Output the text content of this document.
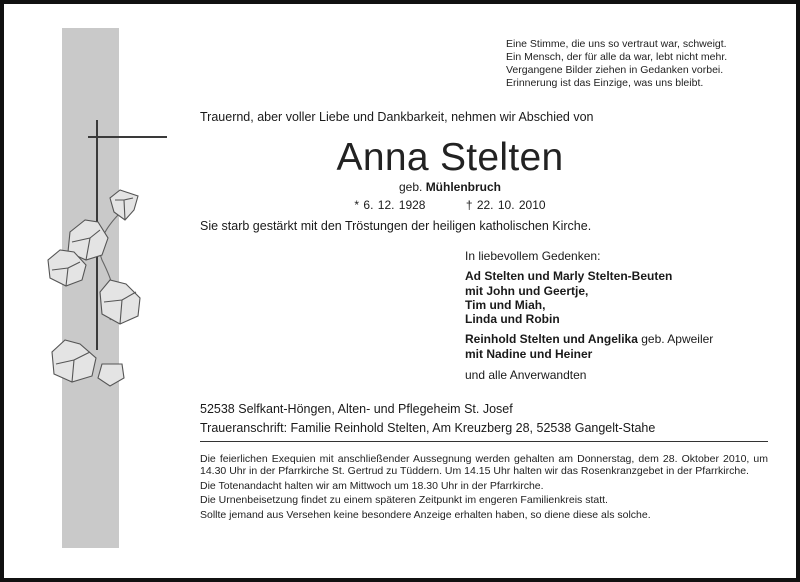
Eine Stimme, die uns so vertraut war, schweigt.
Ein Mensch, der für alle da war, lebt nicht mehr.
Vergangene Bilder ziehen in Gedanken vorbei.
Erinnerung ist das Einzige, was uns bleibt.
Trauernd, aber voller Liebe und Dankbarkeit, nehmen wir Abschied von
Anna Stelten
geb. Mühlenbruch
* 6. 12. 1928	† 22. 10. 2010
Sie starb gestärkt mit den Tröstungen der heiligen katholischen Kirche.
In liebevollem Gedenken:
Ad Stelten und Marly Stelten-Beuten
mit John und Geertje,
Tim und Miah,
Linda und Robin
Reinhold Stelten und Angelika geb. Apweiler
mit Nadine und Heiner
und alle Anverwandten
52538 Selfkant-Höngen, Alten- und Pflegeheim St. Josef
Traueranschrift: Familie Reinhold Stelten, Am Kreuzberg 28, 52538 Gangelt-Stahe

Die feierlichen Exequien mit anschließender Aussegnung werden gehalten am Donnerstag, dem 28. Oktober 2010, um 14.30 Uhr in der Pfarrkirche St. Gertrud zu Tüddern. Um 14.15 Uhr halten wir das Rosenkranzgebet in der Pfarrkirche.

Die Totenandacht halten wir am Mittwoch um 18.30 Uhr in der Pfarrkirche.

Die Urnenbeisetzung findet zu einem späteren Zeitpunkt im engeren Familienkreis statt.

Sollte jemand aus Versehen keine besondere Anzeige erhalten haben, so diene diese als solche.
